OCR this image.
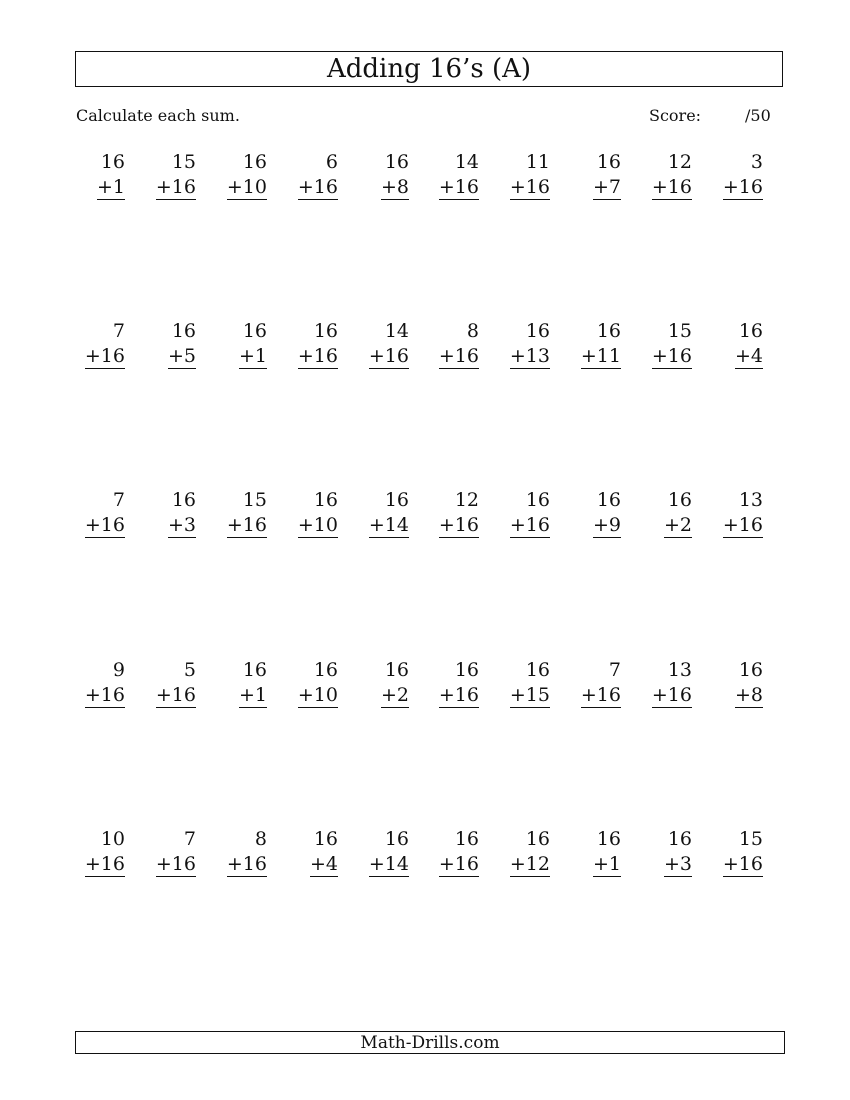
Adding 16’s (A)
Calculate each sum.	Score:	/50
16
+1
15
+16
16
+10
6
+16
16
+8
14
+16
11
+16
16
+7
12
+16
3
+16
7
+16
16
+5
16
+1
16
+16
14
+16
8
+16
16
+13
16
+11
15
+16
16
+4
7
+16
16
+3
15
+16
16
+10
16
+14
12
+16
16
+16
16
+9
16
+2
13
+16
9
+16
5
+16
16
+1
16
+10
16
+2
16
+16
16
+15
7
+16
13
+16
16
+8
10
+16
7
+16
8
+16
16
+4
16
+14
16
+16
16
+12
16
+1
16
+3
15
+16
Math-Drills.com
